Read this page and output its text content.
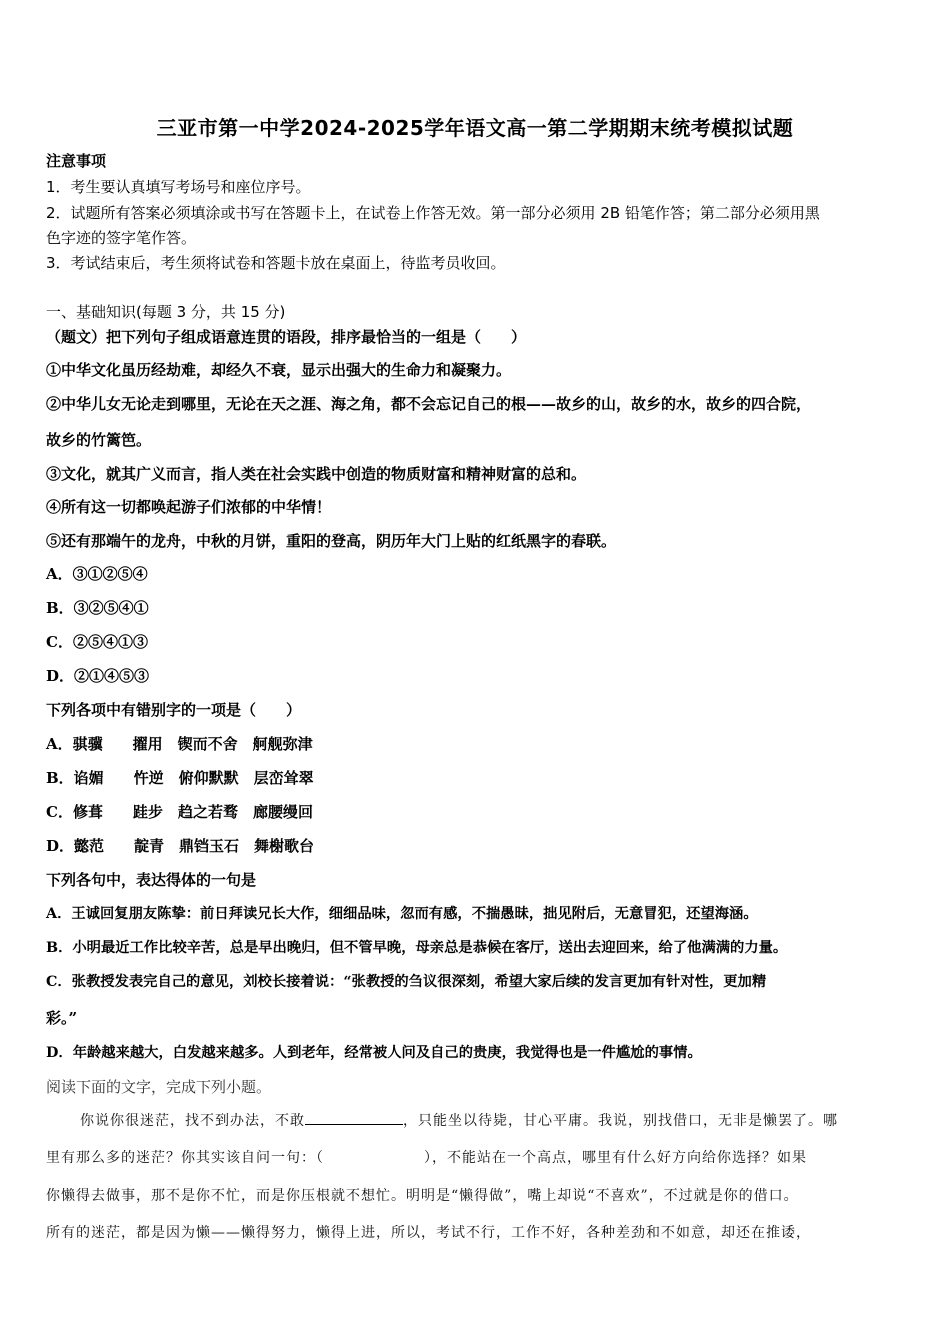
三亚市第一中学2024-2025学年语文高一第二学期期末统考模拟试题
注意事项
1．考生要认真填写考场号和座位序号。
2．试题所有答案必须填涂或书写在答题卡上，在试卷上作答无效。第一部分必须用 2B 铅笔作答；第二部分必须用黑
色字迹的签字笔作答。
3．考试结束后，考生须将试卷和答题卡放在桌面上，待监考员收回。
一、基础知识(每题 3 分，共 15 分)
（题文）把下列句子组成语意连贯的语段，排序最恰当的一组是（　　）
①中华文化虽历经劫难，却经久不衰，显示出强大的生命力和凝聚力。
②中华儿女无论走到哪里，无论在天之涯、海之角，都不会忘记自己的根——故乡的山，故乡的水，故乡的四合院，
故乡的竹篱笆。
③文化，就其广义而言，指人类在社会实践中创造的物质财富和精神财富的总和。
④所有这一切都唤起游子们浓郁的中华情！
⑤还有那端午的龙舟，中秋的月饼，重阳的登高，阴历年大门上贴的红纸黑字的春联。
A．③①②⑤④
B．③②⑤④①
C．②⑤④①③
D．②①④⑤③
下列各项中有错别字的一项是（　　）
A．骐骥　　擢用　锲而不舍　舸舰弥津
B．谄媚　　忤逆　俯仰默默　层峦耸翠
C．修葺　　跬步　趋之若骛　廊腰缦回
D．懿范　　靛青　鼎铛玉石　舞榭歌台
下列各句中，表达得体的一句是
A．王诚回复朋友陈挚：前日拜读兄长大作，细细品味，忽而有感，不揣愚昧，拙见附后，无意冒犯，还望海涵。
B．小明最近工作比较辛苦，总是早出晚归，但不管早晚，母亲总是恭候在客厅，送出去迎回来，给了他满满的力量。
C．张教授发表完自己的意见，刘校长接着说：“张教授的刍议很深刻，希望大家后续的发言更加有针对性，更加精
彩。”
D．年龄越来越大，白发越来越多。人到老年，经常被人问及自己的贵庚，我觉得也是一件尴尬的事情。
阅读下面的文字，完成下列小题。
你说你很迷茫，找不到办法，不敢	，只能坐以待毙，甘心平庸。我说，别找借口，无非是懒罢了。哪
里有那么多的迷茫？你其实该自问一句：（	），不能站在一个高点，哪里有什么好方向给你选择？如果
你懒得去做事，那不是你不忙，而是你压根就不想忙。明明是“懒得做”，嘴上却说“不喜欢”，不过就是你的借口。
所有的迷茫，都是因为懒——懒得努力，懒得上进，所以，考试不行，工作不好，各种差劲和不如意，却还在推诿，
